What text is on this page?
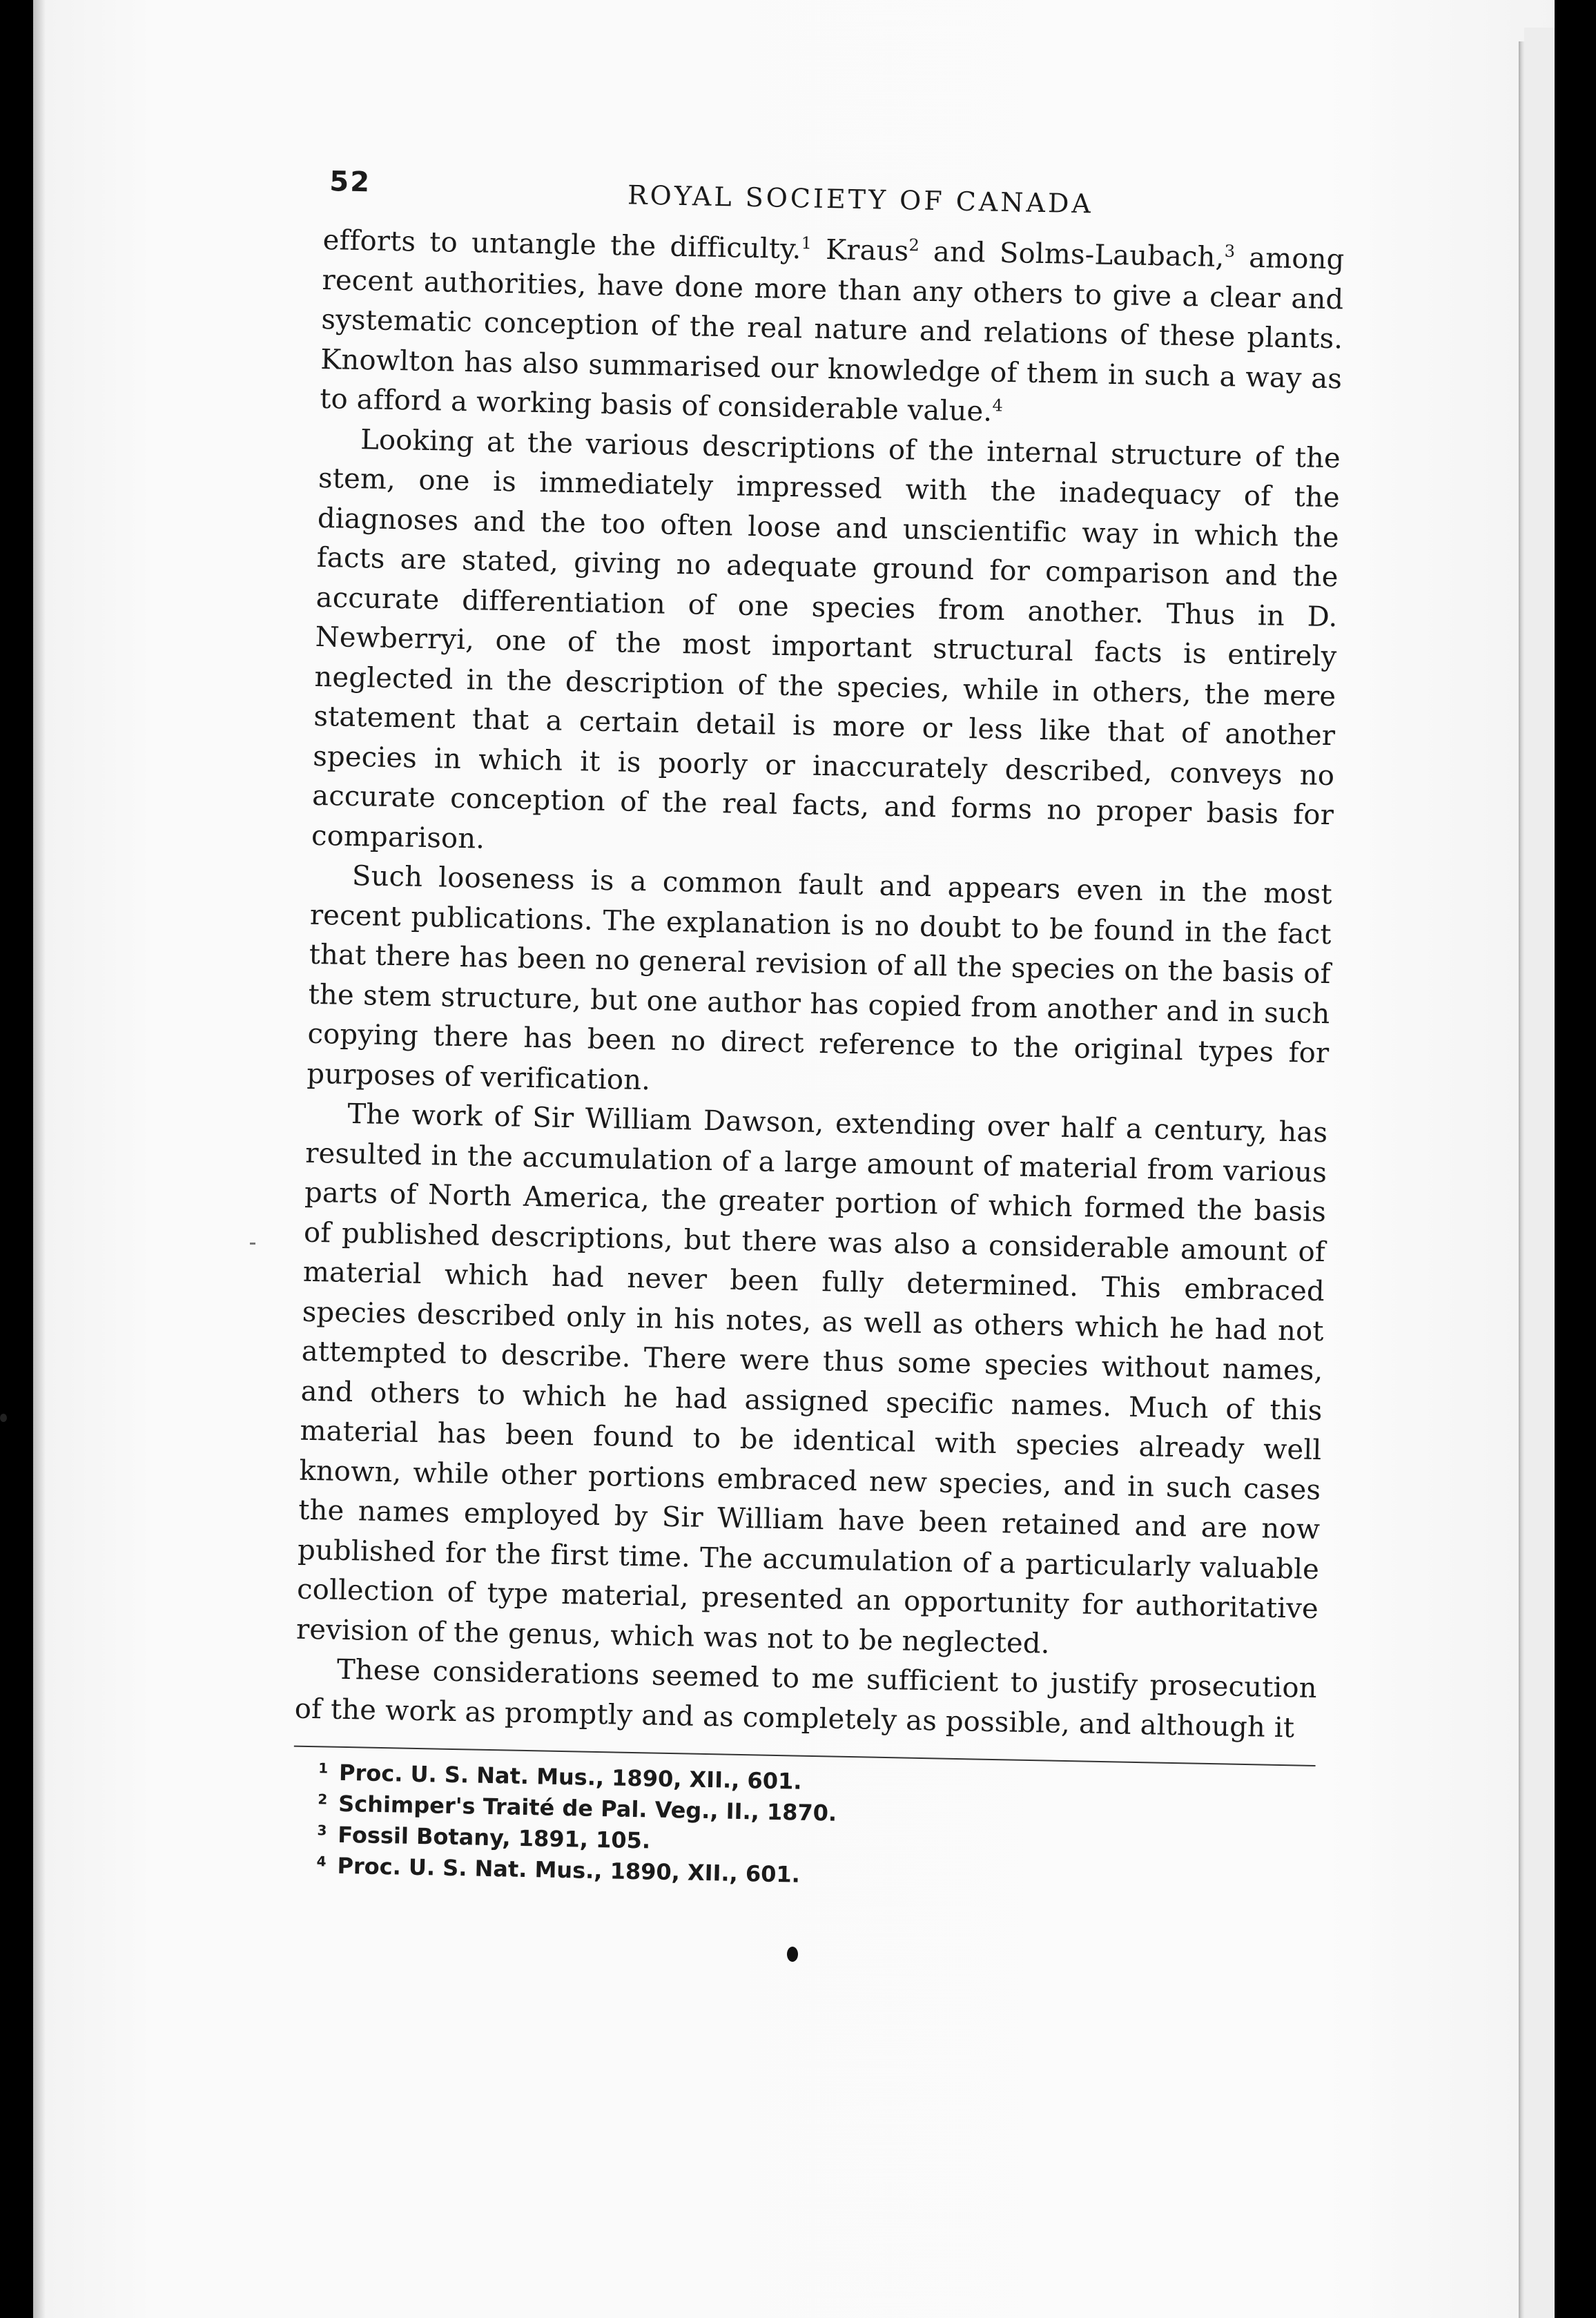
52	ROYAL SOCIETY OF CANADA

efforts to untangle the difficulty.$^1$ Kraus$^2$ and Solms-Laubach,$^3$ among recent authorities, have done more than any others to give a clear and systematic conception of the real nature and relations of these plants. Knowlton has also summarised our knowledge of them in such a way as to afford a working basis of considerable value.$^4$

Looking at the various descriptions of the internal structure of the stem, one is immediately impressed with the inadequacy of the diagnoses and the too often loose and unscientific way in which the facts are stated, giving no adequate ground for comparison and the accurate differentiation of one species from another. Thus in D. Newberryi, one of the most important structural facts is entirely neglected in the description of the species, while in others, the mere statement that a certain detail is more or less like that of another species in which it is poorly or inaccurately described, conveys no accurate conception of the real facts, and forms no proper basis for comparison.

Such looseness is a common fault and appears even in the most recent publications. The explanation is no doubt to be found in the fact that there has been no general revision of all the species on the basis of the stem structure, but one author has copied from another and in such copying there has been no direct reference to the original types for purposes of verification.

The work of Sir William Dawson, extending over half a century, has resulted in the accumulation of a large amount of material from various parts of North America, the greater portion of which formed the basis of published descriptions, but there was also a considerable amount of material which had never been fully determined. This embraced species described only in his notes, as well as others which he had not attempted to describe. There were thus some species without names, and others to which he had assigned specific names. Much of this material has been found to be identical with species already well known, while other portions embraced new species, and in such cases the names employed by Sir William have been retained and are now published for the first time. The accumulation of a particularly valuable collection of type material, presented an opportunity for authoritative revision of the genus, which was not to be neglected.

These considerations seemed to me sufficient to justify prosecution of the work as promptly and as completely as possible, and although it

1 Proc. U. S. Nat. Mus., 1890, XII., 601.
2 Schimper's Traité de Pal. Veg., II., 1870.
3 Fossil Botany, 1891, 105.
4 Proc. U. S. Nat. Mus., 1890, XII., 601.
